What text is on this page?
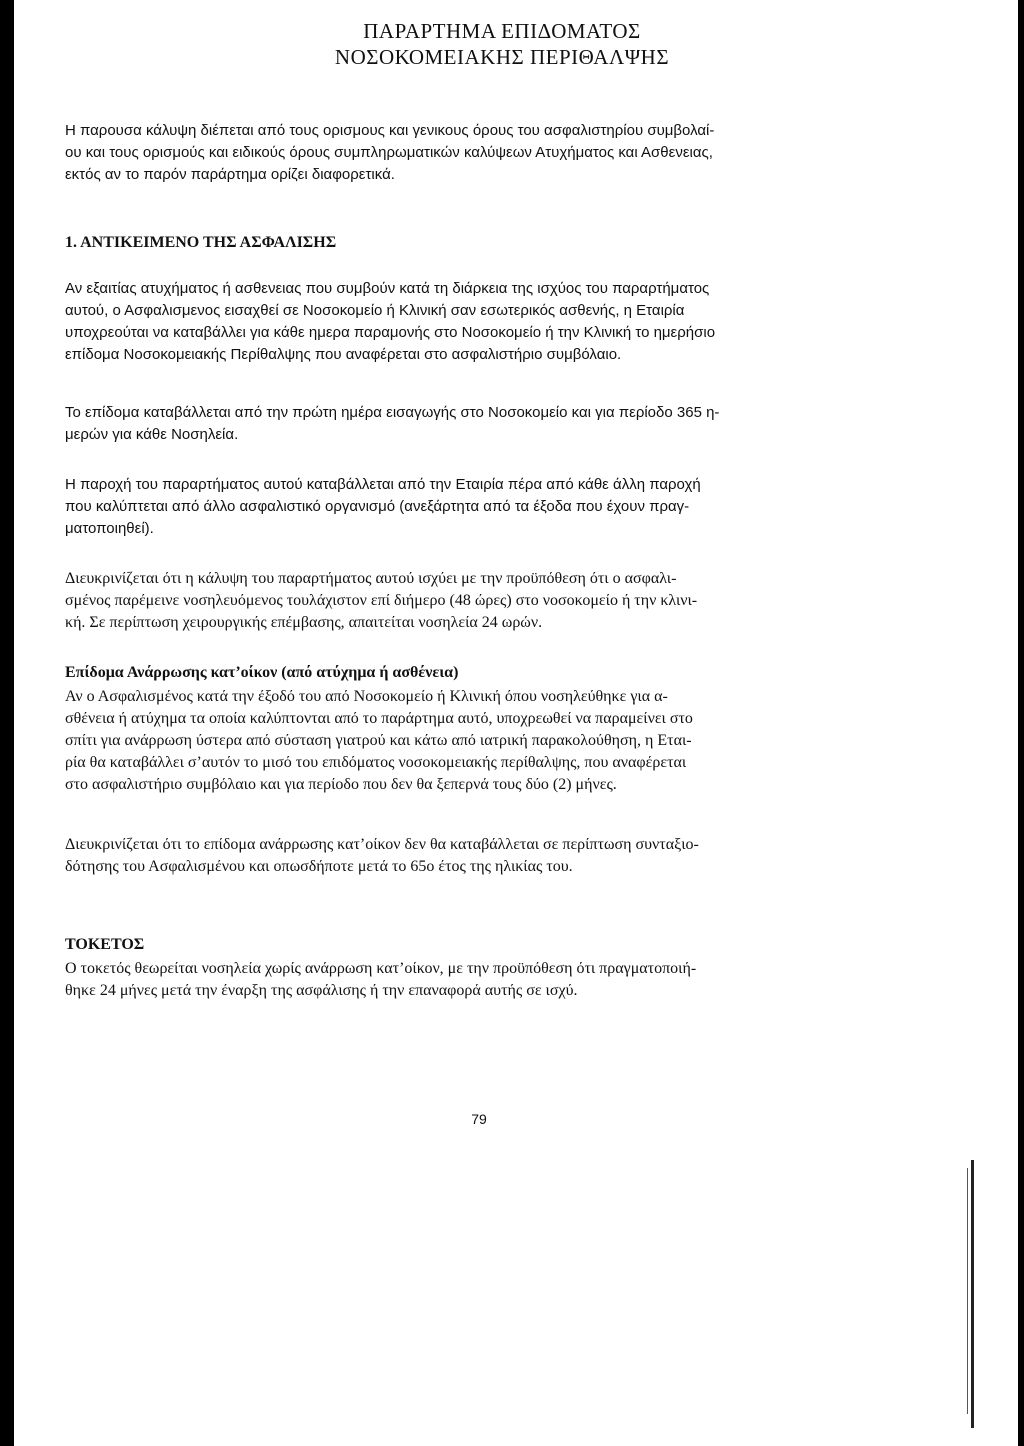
ΠΑΡΑΡΤΗΜΑ ΕΠΙΔΟΜΑΤΟΣ
ΝΟΣΟΚΟΜΕΙΑΚΗΣ ΠΕΡΙΘΑΛΨΗΣ
Η παρουσα κάλυψη διέπεται από τους ορισμους και γενικους όρους του ασφαλιστηρίου συμβολαί-
ου και τους ορισμούς και ειδικούς όρους συμπληρωματικών καλύψεων Ατυχήματος και Ασθενειας,
εκτός αν το παρόν παράρτημα ορίζει διαφορετικά.
1. ΑΝΤΙΚΕΙΜΕΝΟ ΤΗΣ ΑΣΦΑΛΙΣΗΣ
Αν εξαιτίας ατυχήματος ή ασθενειας που συμβούν κατά τη διάρκεια της ισχύος του παραρτήματος
αυτού, ο Ασφαλισμενος εισαχθεί σε Νοσοκομείο ή Κλινική σαν εσωτερικός ασθενής, η Εταιρία
υποχρεούται να καταβάλλει για κάθε ημερα παραμονής στο Νοσοκομείο ή την Κλινική το ημερήσιο
επίδομα Νοσοκομειακής Περίθαλψης που αναφέρεται στο ασφαλιστήριο συμβόλαιο.
Το επίδομα καταβάλλεται από την πρώτη ημέρα εισαγωγής στο Νοσοκομείο και για περίοδο 365 η-
μερών για κάθε Νοσηλεία.
Η παροχή του παραρτήματος αυτού καταβάλλεται από την Εταιρία πέρα από κάθε άλλη παροχή
που καλύπτεται από άλλο ασφαλιστικό οργανισμό (ανεξάρτητα από τα έξοδα που έχουν πραγ-
ματοποιηθεί).
Διευκρινίζεται ότι η κάλυψη του παραρτήματος αυτού ισχύει με την προϋπόθεση ότι ο ασφαλι-
σμένος παρέμεινε νοσηλευόμενος τουλάχιστον επί διήμερο (48 ώρες) στο νοσοκομείο ή την κλινι-
κή. Σε περίπτωση χειρουργικής επέμβασης, απαιτείται νοσηλεία 24 ωρών.
Επίδομα Ανάρρωσης κατ’οίκον (από ατύχημα ή ασθένεια)
Αν ο Ασφαλισμένος κατά την έξοδό του από Νοσοκομείο ή Κλινική όπου νοσηλεύθηκε για α-
σθένεια ή ατύχημα τα οποία καλύπτονται από το παράρτημα αυτό, υποχρεωθεί να παραμείνει στο
σπίτι για ανάρρωση ύστερα από σύσταση γιατρού και κάτω από ιατρική παρακολούθηση, η Εται-
ρία θα καταβάλλει σ’αυτόν το μισό του επιδόματος νοσοκομειακής περίθαλψης, που αναφέρεται
στο ασφαλιστήριο συμβόλαιο και για περίοδο που δεν θα ξεπερνά τους δύο (2) μήνες.
Διευκρινίζεται ότι το επίδομα ανάρρωσης κατ’οίκον δεν θα καταβάλλεται σε περίπτωση συνταξιο-
δότησης του Ασφαλισμένου και οπωσδήποτε μετά το 65ο έτος της ηλικίας του.
ΤΟΚΕΤΟΣ
Ο τοκετός θεωρείται νοσηλεία χωρίς ανάρρωση κατ’οίκον, με την προϋπόθεση ότι πραγματοποιή-
θηκε 24 μήνες μετά την έναρξη της ασφάλισης ή την επαναφορά αυτής σε ισχύ.
79
